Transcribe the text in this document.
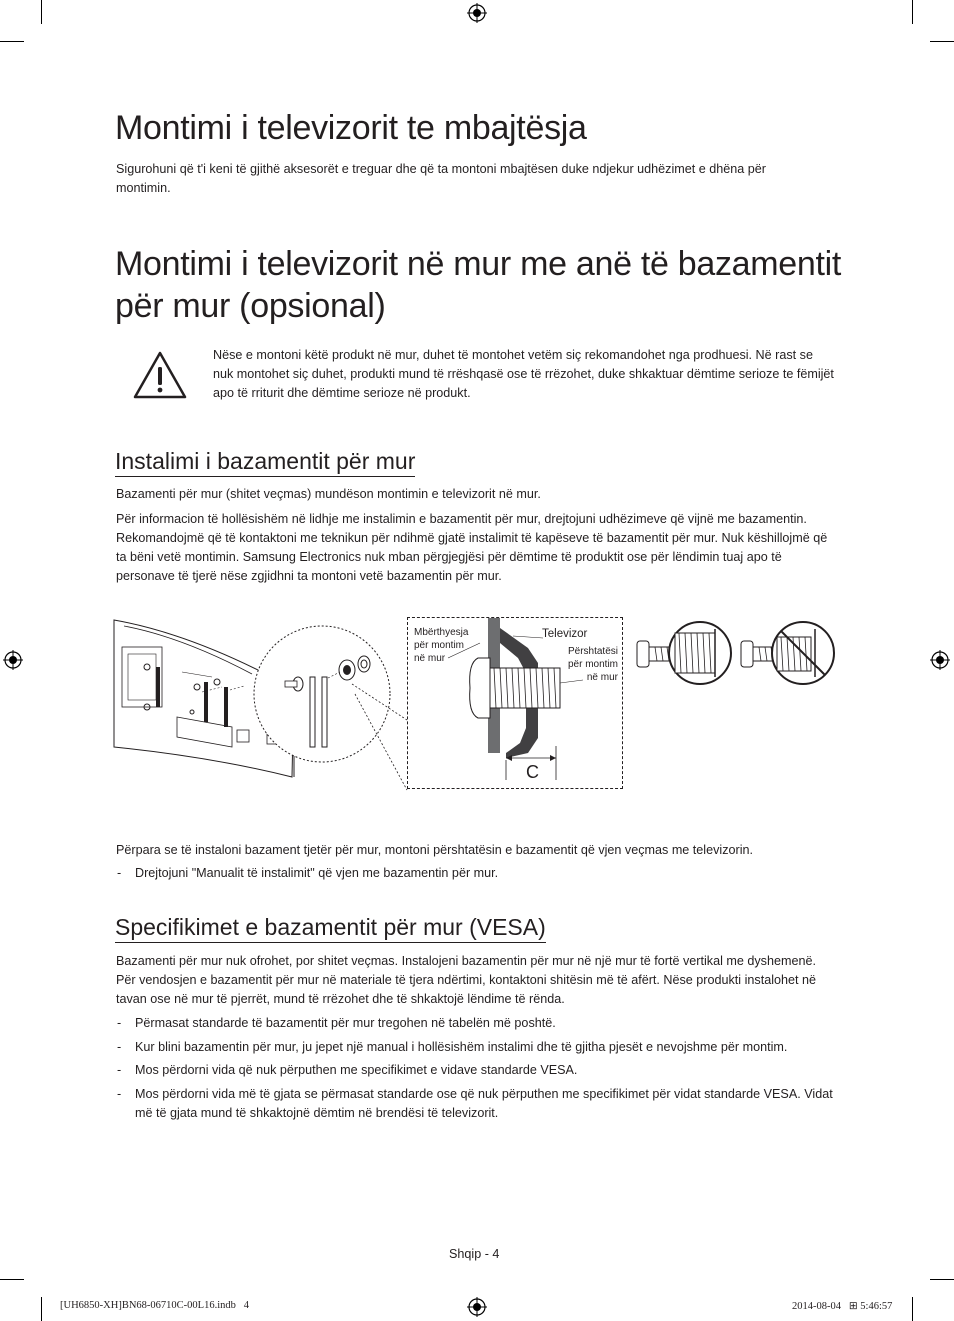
Montimi i televizorit te mbajtësja

Sigurohuni që t'i keni të gjithë aksesorët e treguar dhe që ta montoni mbajtësen duke ndjekur udhëzimet e dhëna për montimin.

Montimi i televizorit në mur me anë të bazamentit
për mur (opsional)

Nëse e montoni këtë produkt në mur, duhet të montohet vetëm siç rekomandohet nga prodhuesi. Në rast se nuk montohet siç duhet, produkti mund të rrëshqasë ose të rrëzohet, duke shkaktuar dëmtime serioze te fëmijët apo të rriturit dhe dëmtime serioze në produkt.

Instalimi i bazamentit për mur

Bazamenti për mur (shitet veçmas) mundëson montimin e televizorit në mur.

Për informacion të hollësishëm në lidhje me instalimin e bazamentit për mur, drejtojuni udhëzimeve që vijnë me bazamentin. Rekomandojmë që të kontaktoni me teknikun për ndihmë gjatë instalimit të kapëseve të bazamentit për mur. Nuk këshillojmë që ta bëni vetë montimin. Samsung Electronics nuk mban përgjegjësi për dëmtime të produktit ose për lëndimin tuaj apo të personave të tjerë nëse zgjidhni ta montoni vetë bazamentin për mur.

Mbërthyesja për montim në mur
Televizor
Përshtatësi për montim në mur
C

Përpara se të instaloni bazament tjetër për mur, montoni përshtatësin e bazamentit që vjen veçmas me televizorin.

- Drejtojuni "Manualit të instalimit" që vjen me bazamentin për mur.
Specifikimet e bazamentit për mur (VESA)

Bazamenti për mur nuk ofrohet, por shitet veçmas. Instalojeni bazamentin për mur në një mur të fortë vertikal me dyshemenë. Për vendosjen e bazamentit për mur në materiale të tjera ndërtimi, kontaktoni shitësin më të afërt. Nëse produkti instalohet në tavan ose në mur të pjerrët, mund të rrëzohet dhe të shkaktojë lëndime të rënda.

- Përmasat standarde të bazamentit për mur tregohen në tabelën më poshtë.
- Kur blini bazamentin për mur, ju jepet një manual i hollësishëm instalimi dhe të gjitha pjesët e nevojshme për montim.
- Mos përdorni vida që nuk përputhen me specifikimet e vidave standarde VESA.
- Mos përdorni vida më të gjata se përmasat standarde ose që nuk përputhen me specifikimet për vidat standarde VESA. Vidat më të gjata mund të shkaktojnë dëmtim në brendësi të televizorit.
Shqip - 4
[UH6850-XH]BN68-06710C-00L16.indb   4	2014-08-04   ⊞ 5:46:57
